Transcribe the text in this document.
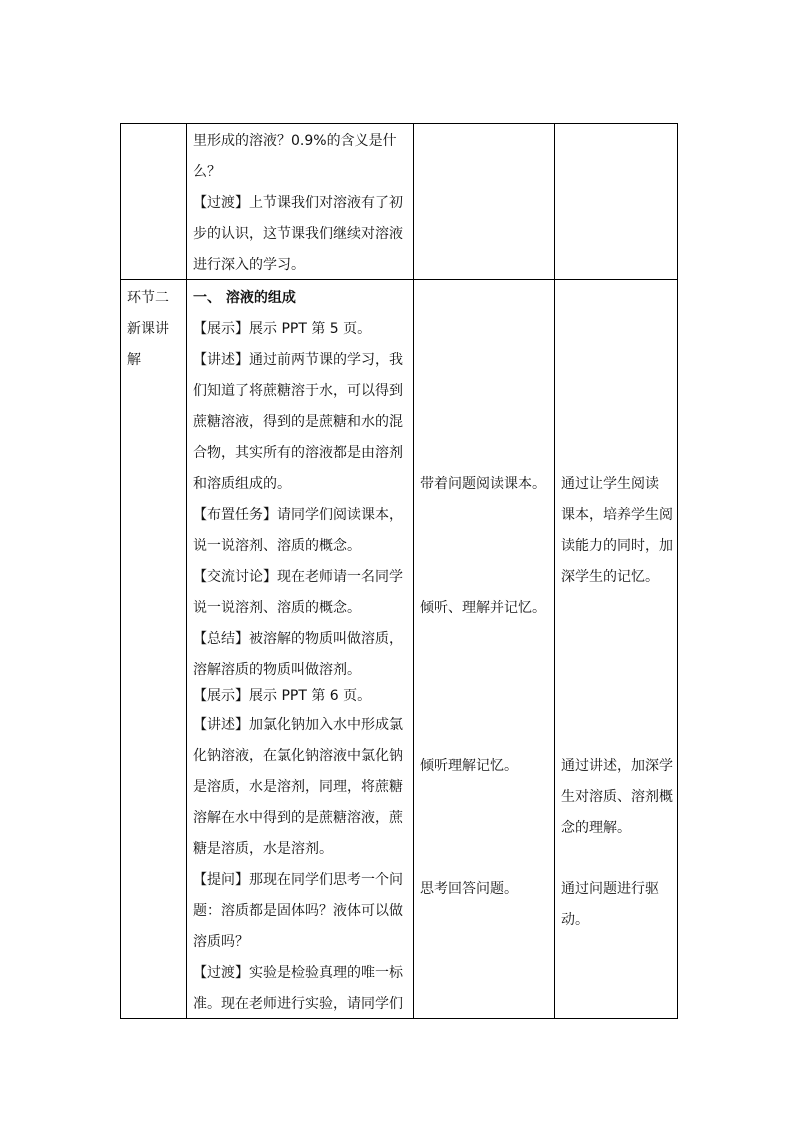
里形成的溶液？0.9%的含义是什
么？
【过渡】上节课我们对溶液有了初
步的认识，这节课我们继续对溶液
进行深入的学习。
环节二
新课讲
解
一、 溶液的组成
【展示】展示 PPT 第 5 页。
【讲述】通过前两节课的学习，我
们知道了将蔗糖溶于水，可以得到
蔗糖溶液，得到的是蔗糖和水的混
合物，其实所有的溶液都是由溶剂
和溶质组成的。
【布置任务】请同学们阅读课本，
说一说溶剂、溶质的概念。
【交流讨论】现在老师请一名同学
说一说溶剂、溶质的概念。
【总结】被溶解的物质叫做溶质，
溶解溶质的物质叫做溶剂。
【展示】展示 PPT 第 6 页。
【讲述】加氯化钠加入水中形成氯
化钠溶液，在氯化钠溶液中氯化钠
是溶质，水是溶剂，同理，将蔗糖
溶解在水中得到的是蔗糖溶液，蔗
糖是溶质，水是溶剂。
【提问】那现在同学们思考一个问
题：溶质都是固体吗？液体可以做
溶质吗？
【过渡】实验是检验真理的唯一标
准。现在老师进行实验，请同学们
带着问题阅读课本。
倾听、理解并记忆。
倾听理解记忆。
思考回答问题。
通过让学生阅读
课本，培养学生阅
读能力的同时，加
深学生的记忆。
通过讲述，加深学
生对溶质、溶剂概
念的理解。
通过问题进行驱
动。
